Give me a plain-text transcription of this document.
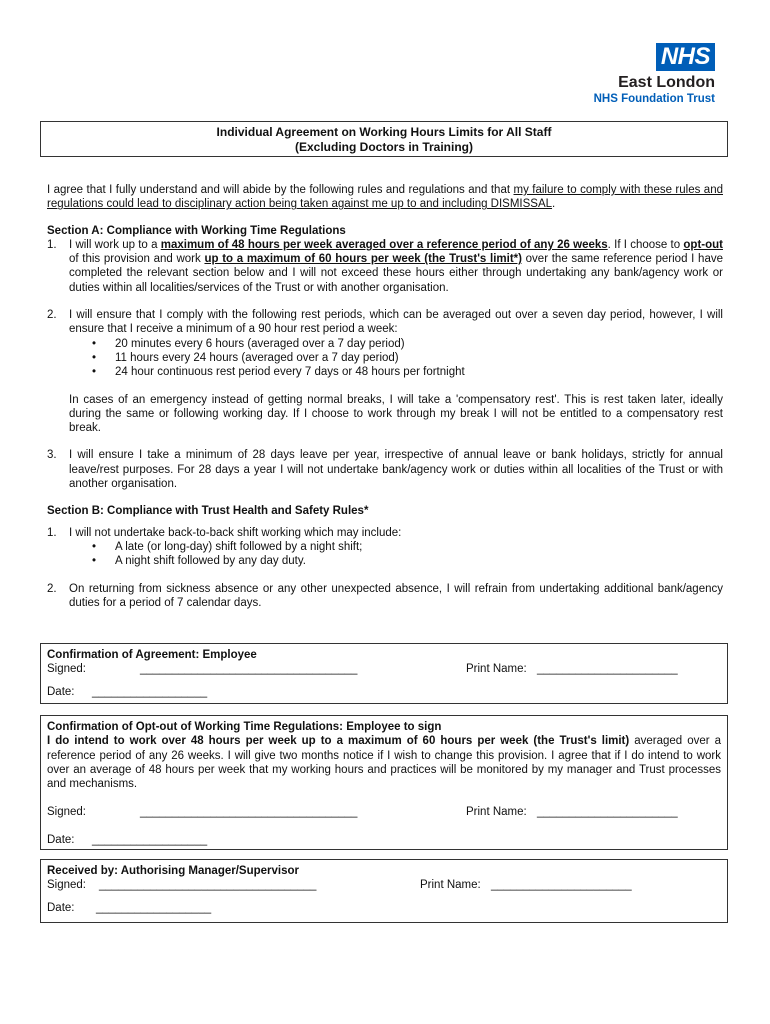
NHS
East London
NHS Foundation Trust
Individual Agreement on Working Hours Limits for All Staff
(Excluding Doctors in Training)

I agree that I fully understand and will abide by the following rules and regulations and that my failure to comply with these rules and regulations could lead to disciplinary action being taken against me up to and including DISMISSAL.

Section A: Compliance with Working Time Regulations
1. I will work up to a maximum of 48 hours per week averaged over a reference period of any 26 weeks. If I choose to opt-out of this provision and work up to a maximum of 60 hours per week (the Trust's limit*) over the same reference period I have completed the relevant section below and I will not exceed these hours either through undertaking any bank/agency work or duties within all localities/services of the Trust or with another organisation.
2. I will ensure that I comply with the following rest periods, which can be averaged out over a seven day period, however, I will ensure that I receive a minimum of a 90 hour rest period a week:
• 20 minutes every 6 hours (averaged over a 7 day period)
• 11 hours every 24 hours (averaged over a 7 day period)
• 24 hour continuous rest period every 7 days or 48 hours per fortnight

In cases of an emergency instead of getting normal breaks, I will take a 'compensatory rest'. This is rest taken later, ideally during the same or following working day. If I choose to work through my break I will not be entitled to a compensatory rest break.

3. I will ensure I take a minimum of 28 days leave per year, irrespective of annual leave or bank holidays, strictly for annual leave/rest purposes. For 28 days a year I will not undertake bank/agency work or duties within all localities of the Trust or with another organisation.
Section B: Compliance with Trust Health and Safety Rules*
1. I will not undertake back-to-back shift working which may include:
• A late (or long-day) shift followed by a night shift;
• A night shift followed by any day duty.
2. On returning from sickness absence or any other unexpected absence, I will refrain from undertaking additional bank/agency duties for a period of 7 calendar days.
Confirmation of Agreement: Employee
Signed:	__________________________________	Print Name: ______________________
Date: __________________
Confirmation of Opt-out of Working Time Regulations: Employee to sign

I do intend to work over 48 hours per week up to a maximum of 60 hours per week (the Trust's limit) averaged over a reference period of any 26 weeks. I will give two months notice if I wish to change this provision. I agree that if I do intend to work over an average of 48 hours per week that my working hours and practices will be monitored by my manager and Trust processes and mechanisms.

Signed:	__________________________________	Print Name: ______________________
Date: __________________
Received by: Authorising Manager/Supervisor
Signed: __________________________________	Print Name: ______________________
Date: __________________
